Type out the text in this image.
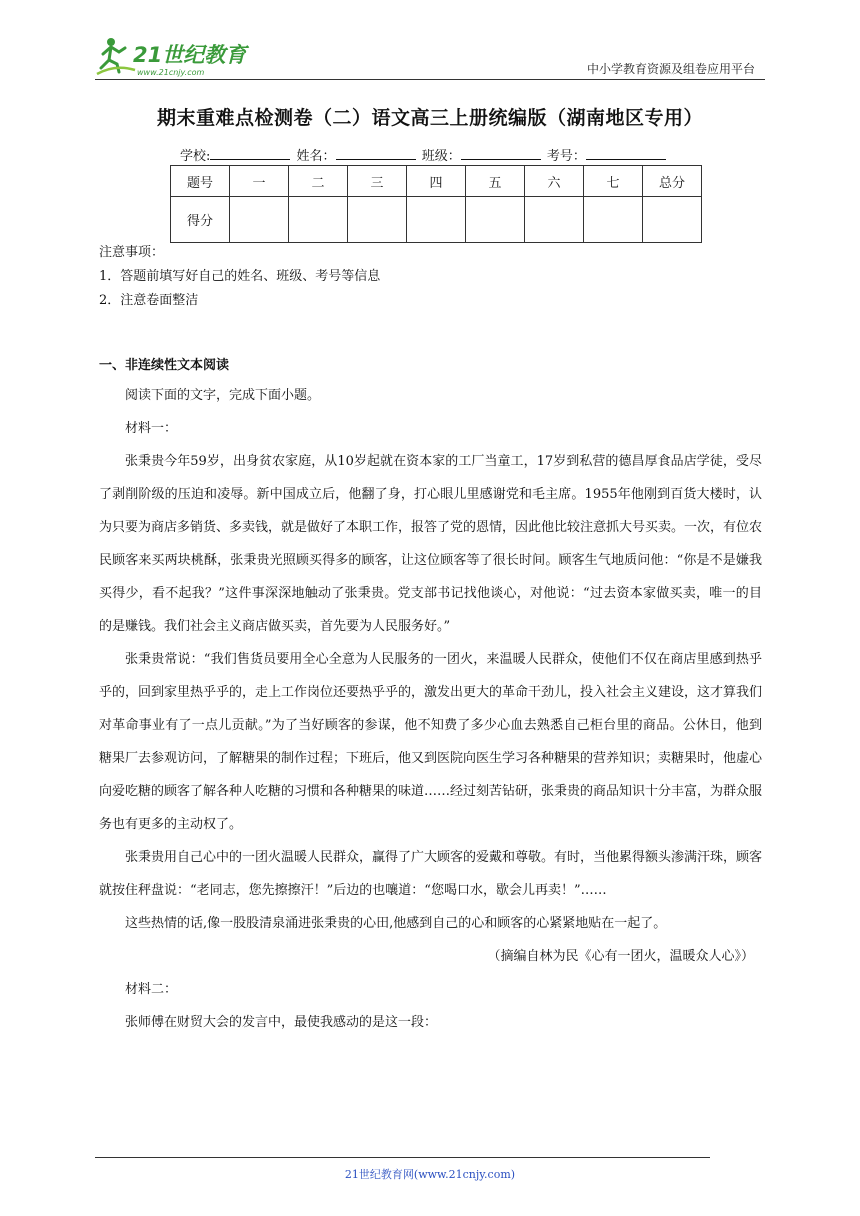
21世纪教育
www.21cnjy.com	中小学教育资源及组卷应用平台
期末重难点检测卷（二）语文高三上册统编版（湖南地区专用）
学校:	姓名：	班级：	考号：
题号	一	二	三	四	五	六	七	总分
得分								
注意事项：
1．答题前填写好自己的姓名、班级、考号等信息
2．注意卷面整洁
一、非连续性文本阅读

阅读下面的文字，完成下面小题。

材料一：

张秉贵今年59岁，出身贫农家庭，从10岁起就在资本家的工厂当童工，17岁到私营的德昌厚食品店学徒，受尽了剥削阶级的压迫和凌辱。新中国成立后，他翻了身，打心眼儿里感谢党和毛主席。1955年他刚到百货大楼时，认为只要为商店多销货、多卖钱，就是做好了本职工作，报答了党的恩情，因此他比较注意抓大号买卖。一次，有位农民顾客来买两块桃酥，张秉贵光照顾买得多的顾客，让这位顾客等了很长时间。顾客生气地质问他：“你是不是嫌我买得少，看不起我？”这件事深深地触动了张秉贵。党支部书记找他谈心，对他说：“过去资本家做买卖，唯一的目的是赚钱。我们社会主义商店做买卖，首先要为人民服务好。”

张秉贵常说：“我们售货员要用全心全意为人民服务的一团火，来温暖人民群众，使他们不仅在商店里感到热乎乎的，回到家里热乎乎的，走上工作岗位还要热乎乎的，激发出更大的革命干劲儿，投入社会主义建设，这才算我们对革命事业有了一点儿贡献。”为了当好顾客的参谋，他不知费了多少心血去熟悉自己柜台里的商品。公休日，他到糖果厂去参观访问，了解糖果的制作过程；下班后，他又到医院向医生学习各种糖果的营养知识；卖糖果时，他虚心向爱吃糖的顾客了解各种人吃糖的习惯和各种糖果的味道……经过刻苦钻研，张秉贵的商品知识十分丰富，为群众服务也有更多的主动权了。

张秉贵用自己心中的一团火温暖人民群众，赢得了广大顾客的爱戴和尊敬。有时，当他累得额头渗满汗珠，顾客就按住秤盘说：“老同志，您先擦擦汗！”后边的也嚷道：“您喝口水，歇会儿再卖！”……

这些热情的话,像一股股清泉涌进张秉贵的心田,他感到自己的心和顾客的心紧紧地贴在一起了。

（摘编自林为民《心有一团火，温暖众人心》）

材料二：

张师傅在财贸大会的发言中，最使我感动的是这一段：

21世纪教育网(www.21cnjy.com)
